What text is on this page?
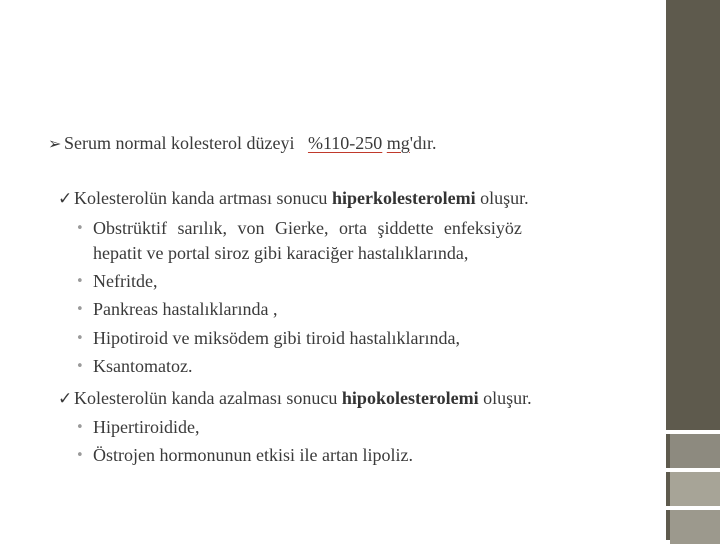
➢ Serum normal kolesterol düzeyi %110-250 mg'dır.
✓Kolesterolün kanda artması sonucu hiperkolesterolemi oluşur.
• Obstrüktif sarılık, von Gierke, orta şiddette enfeksiyöz
hepatit ve portal siroz gibi karaciğer hastalıklarında,
• Nefritde,
• Pankreas hastalıklarında ,
• Hipotiroid ve miksödem gibi tiroid hastalıklarında,
• Ksantomatoz.
✓Kolesterolün kanda azalması sonucu hipokolesterolemi oluşur.
• Hipertiroidide,
• Östrojen hormonunun etkisi ile artan lipoliz.
